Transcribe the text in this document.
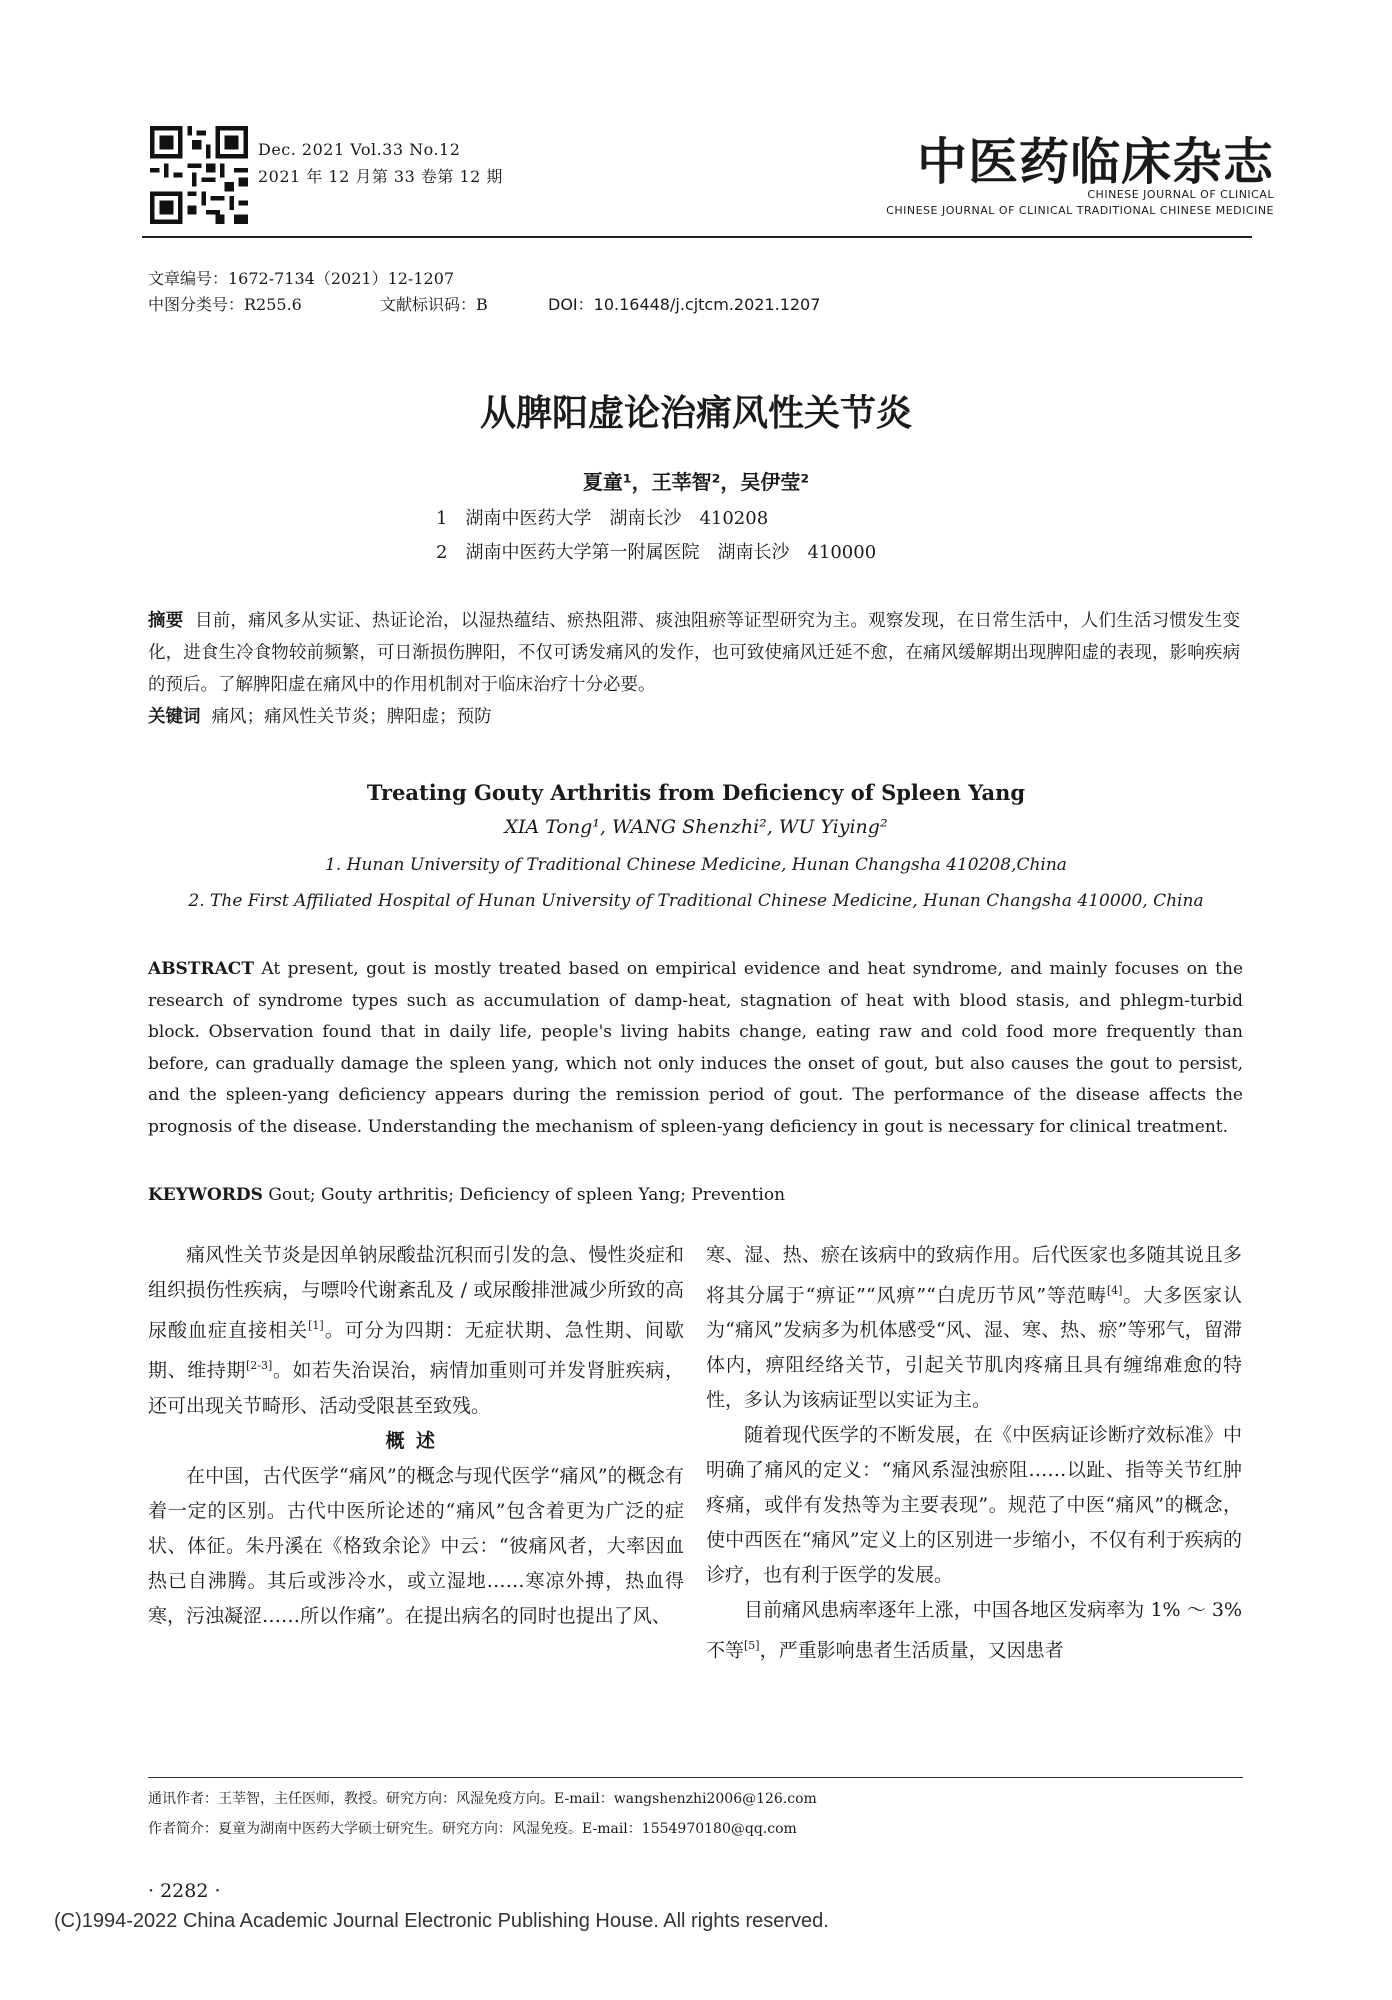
Dec. 2021 Vol.33 No.12
2021 年 12 月第 33 卷第 12 期	中医药临床杂志
CHINESE JOURNAL OF CLINICAL
CHINESE JOURNAL OF CLINICAL TRADITIONAL CHINESE MEDICINE
文章编号：1672-7134（2021）12-1207
中图分类号：R255.6	文献标识码：B	DOI：10.16448/j.cjtcm.2021.1207
从脾阳虚论治痛风性关节炎
夏童¹，王莘智²，吴伊莹²
1　湖南中医药大学　湖南长沙　410208
2　湖南中医药大学第一附属医院　湖南长沙　410000
摘要 目前，痛风多从实证、热证论治，以湿热蕴结、瘀热阻滞、痰浊阻瘀等证型研究为主。观察发现，在日常生活中，人们生活习惯发生变化，进食生冷食物较前频繁，可日渐损伤脾阳，不仅可诱发痛风的发作，也可致使痛风迁延不愈，在痛风缓解期出现脾阳虚的表现，影响疾病的预后。了解脾阳虚在痛风中的作用机制对于临床治疗十分必要。
关键词 痛风；痛风性关节炎；脾阳虚；预防
Treating Gouty Arthritis from Deficiency of Spleen Yang
XIA Tong¹, WANG Shenzhi², WU Yiying²
1. Hunan University of Traditional Chinese Medicine, Hunan Changsha 410208,China
2. The First Affiliated Hospital of Hunan University of Traditional Chinese Medicine, Hunan Changsha 410000, China
ABSTRACT At present, gout is mostly treated based on empirical evidence and heat syndrome, and mainly focuses on the research of syndrome types such as accumulation of damp-heat, stagnation of heat with blood stasis, and phlegm-turbid block. Observation found that in daily life, people's living habits change, eating raw and cold food more frequently than before, can gradually damage the spleen yang, which not only induces the onset of gout, but also causes the gout to persist, and the spleen-yang deficiency appears during the remission period of gout. The performance of the disease affects the prognosis of the disease. Understanding the mechanism of spleen-yang deficiency in gout is necessary for clinical treatment.
KEYWORDS Gout; Gouty arthritis; Deficiency of spleen Yang; Prevention

痛风性关节炎是因单钠尿酸盐沉积而引发的急、慢性炎症和组织损伤性疾病，与嘌呤代谢紊乱及 / 或尿酸排泄减少所致的高尿酸血症直接相关[1]。可分为四期：无症状期、急性期、间歇期、维持期[2-3]。如若失治误治，病情加重则可并发肾脏疾病，还可出现关节畸形、活动受限甚至致残。

概述

在中国，古代医学“痛风”的概念与现代医学“痛风”的概念有着一定的区别。古代中医所论述的“痛风”包含着更为广泛的症状、体征。朱丹溪在《格致余论》中云：“彼痛风者，大率因血热已自沸腾。其后或涉冷水，或立湿地……寒凉外搏，热血得寒，污浊凝涩……所以作痛”。在提出病名的同时也提出了风、

寒、湿、热、瘀在该病中的致病作用。后代医家也多随其说且多将其分属于“痹证”“风痹”“白虎历节风”等范畴[4]。大多医家认为“痛风”发病多为机体感受“风、湿、寒、热、瘀”等邪气，留滞体内，痹阻经络关节，引起关节肌肉疼痛且具有缠绵难愈的特性，多认为该病证型以实证为主。

随着现代医学的不断发展，在《中医病证诊断疗效标准》中明确了痛风的定义：“痛风系湿浊瘀阻……以趾、指等关节红肿疼痛，或伴有发热等为主要表现”。规范了中医“痛风”的概念，使中西医在“痛风”定义上的区别进一步缩小，不仅有利于疾病的诊疗，也有利于医学的发展。

目前痛风患病率逐年上涨，中国各地区发病率为 1% ～ 3% 不等[5]，严重影响患者生活质量，又因患者

通讯作者：王莘智，主任医师，教授。研究方向：风湿免疫方向。E-mail：wangshenzhi2006@126.com
作者简介：夏童为湖南中医药大学硕士研究生。研究方向：风湿免疫。E-mail：1554970180@qq.com
· 2282 ·
(C)1994-2022 China Academic Journal Electronic Publishing House. All rights reserved.
